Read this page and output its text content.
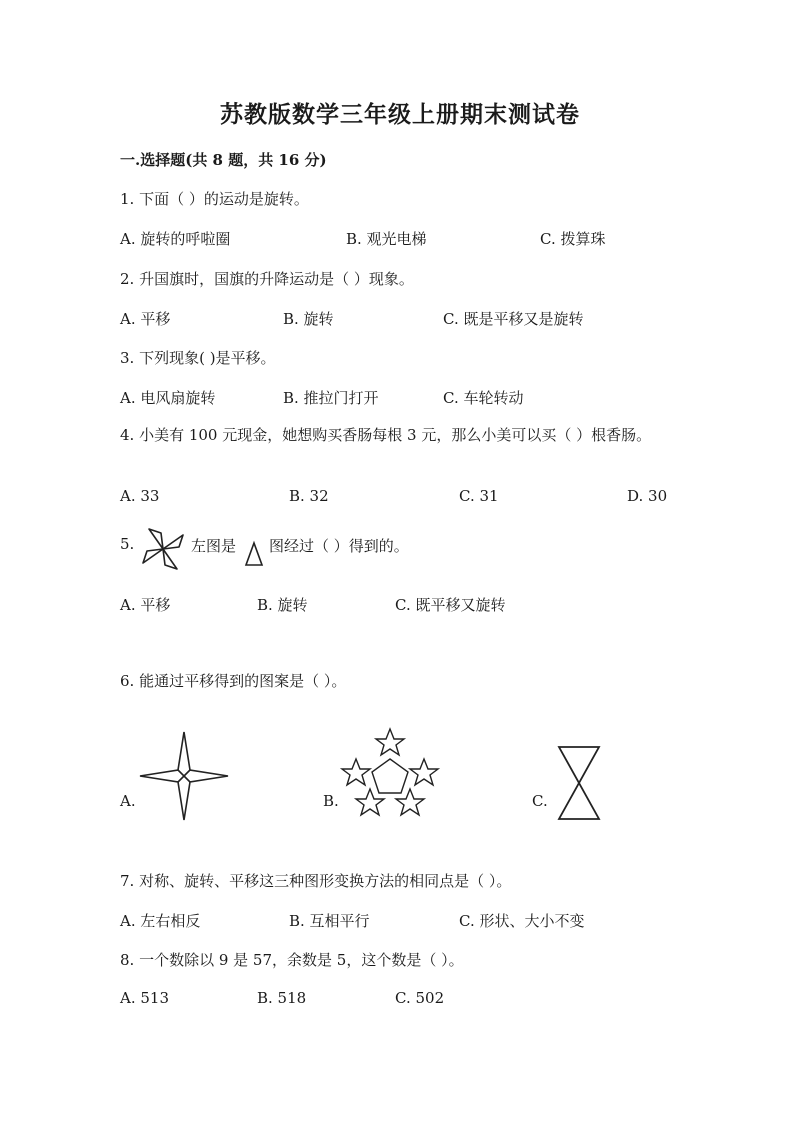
苏教版数学三年级上册期末测试卷
一.选择题(共 8 题，共 16 分)
1. 下面（ ）的运动是旋转。
A. 旋转的呼啦圈	B. 观光电梯	C. 拨算珠
2. 升国旗时，国旗的升降运动是（ ）现象。
A. 平移	B. 旋转	C. 既是平移又是旋转
3. 下列现象( )是平移。
A. 电风扇旋转	B. 推拉门打开	C. 车轮转动
4. 小美有 100 元现金，她想购买香肠每根 3 元，那么小美可以买（ ）根香肠。
A. 33	B. 32	C. 31	D. 30
5.	左图是 图经过（ ）得到的。
A. 平移	B. 旋转	C. 既平移又旋转
6. 能通过平移得到的图案是（ ）。
A.	B.	C.
7. 对称、旋转、平移这三种图形变换方法的相同点是（ ）。
A. 左右相反	B. 互相平行	C. 形状、大小不变
8. 一个数除以 9 是 57，余数是 5，这个数是（ ）。
A. 513	B. 518	C. 502
